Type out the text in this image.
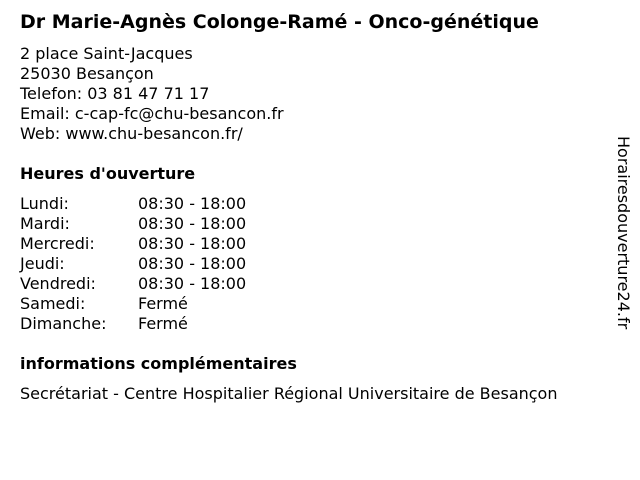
Dr Marie-Agnès Colonge-Ramé - Onco-génétique
2 place Saint-Jacques
25030 Besançon
Telefon: 03 81 47 71 17
Email: c-cap-fc@chu-besancon.fr
Web: www.chu-besancon.fr/
Heures d'ouverture
Lundi:	08:30 - 18:00
Mardi:	08:30 - 18:00
Mercredi:	08:30 - 18:00
Jeudi:	08:30 - 18:00
Vendredi:	08:30 - 18:00
Samedi:	Fermé
Dimanche:	Fermé
informations complémentaires
Secrétariat - Centre Hospitalier Régional Universitaire de Besançon
Horairesdouverture24.fr
